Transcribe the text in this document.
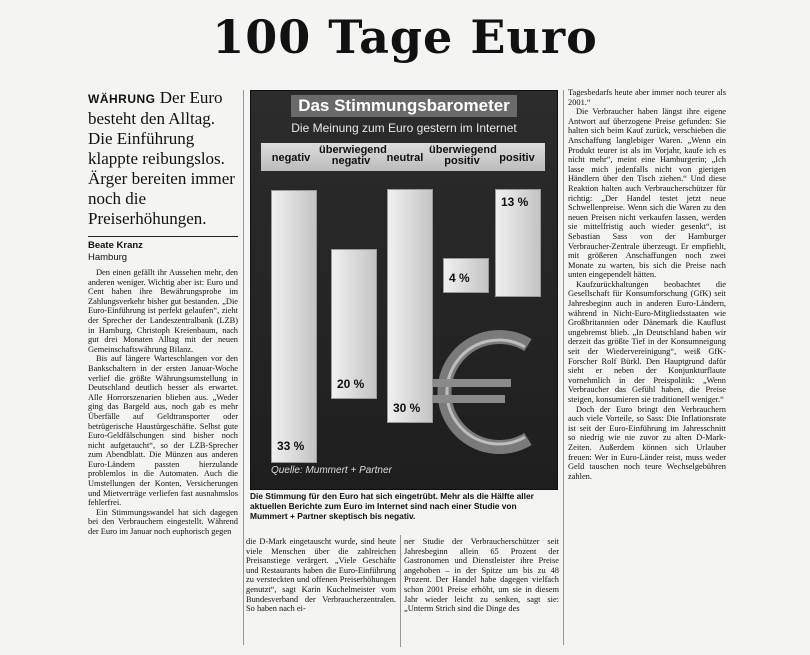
100 Tage Euro
WÄHRUNG Der Euro besteht den Alltag. Die Einführung klappte reibungslos. Ärger bereiten immer noch die Preiserhöhungen.
Beate Kranz
Hamburg

Den einen gefällt ihr Aussehen mehr, den anderen weniger. Wichtig aber ist: Euro und Cent haben ihre Bewährungsprobe im Zahlungsverkehr bisher gut bestanden. „Die Euro-Einführung ist perfekt gelaufen“, zieht der Sprecher der Landeszentralbank (LZB) in Hamburg, Christoph Kreienbaum, nach gut drei Monaten Alltag mit der neuen Gemeinschaftswährung Bilanz.

Bis auf längere Warteschlangen vor den Bankschaltern in der ersten Januar-Woche verlief die größte Währungsumstellung in Deutschland deutlich besser als erwartet. Alle Horrorszenarien blieben aus. „Weder ging das Bargeld aus, noch gab es mehr Überfälle auf Geldtransporter oder betrügerische Haustürgeschäfte. Selbst gute Euro-Geldfälschungen sind bisher noch nicht aufgetaucht“, so der LZB-Sprecher zum Abendblatt. Die Münzen aus anderen Euro-Ländern passten hierzulande problemlos in die Automaten. Auch die Umstellungen der Konten, Versicherungen und Mietverträge verliefen fast ausnahmslos fehlerfrei.

Ein Stimmungswandel hat sich dagegen bei den Verbrauchern eingestellt. Während der Euro im Januar noch euphorisch gegen

Das Stimmungsbarometer
Die Meinung zum Euro gestern im Internet
negativ
überwiegend negativ	neutral
überwiegend positiv	positiv
33 %
20 %
30 %
4 %
13 %
Quelle: Mummert + Partner
Die Stimmung für den Euro hat sich eingetrübt. Mehr als die Hälfte aller aktuellen Berichte zum Euro im Internet sind nach einer Studie von Mummert + Partner skeptisch bis negativ.

die D-Mark eingetauscht wurde, sind heute viele Menschen über die zahlreichen Preisanstiege verärgert. „Viele Geschäfte und Restaurants haben die Euro-Einführung zu versteckten und offenen Preiserhöhungen genutzt“, sagt Karin Kuchelmeister vom Bundesverband der Verbraucherzentralen. So haben nach ei-

ner Studie der Verbraucherschützer seit Jahresbeginn allein 65 Prozent der Gastronomen und Dienstleister ihre Preise angehoben – in der Spitze um bis zu 48 Prozent. Der Handel habe dagegen vielfach schon 2001 Preise erhöht, um sie in diesem Jahr wieder leicht zu senken, sagt sie: „Unterm Strich sind die Dinge des

Tagesbedarfs heute aber immer noch teurer als 2001.“

Die Verbraucher haben längst ihre eigene Antwort auf überzogene Preise gefunden: Sie halten sich beim Kauf zurück, verschieben die Anschaffung langlebiger Waren. „Wenn ein Produkt teurer ist als im Vorjahr, kaufe ich es nicht mehr“, meint eine Hamburgerin; „Ich lasse mich jedenfalls nicht von gierigen Händlern über den Tisch ziehen.“ Und diese Reaktion halten auch Verbraucherschützer für richtig: „Der Handel testet jetzt neue Schwellenpreise. Wenn sich die Waren zu den neuen Preisen nicht verkaufen lassen, werden sie mittelfristig auch wieder gesenkt“, ist Sebastian Sass von der Hamburger Verbraucher-Zentrale überzeugt. Er empfiehlt, mit größeren Anschaffungen noch zwei Monate zu warten, bis sich die Preise nach unten eingependelt hätten.

Kaufzurückhaltungen beobachtet die Gesellschaft für Konsumforschung (GfK) seit Jahresbeginn auch in anderen Euro-Ländern, während in Nicht-Euro-Mitgliedsstaaten wie Großbritannien oder Dänemark die Kauflust ungebremst blieb. „In Deutschland haben wir derzeit das größte Tief in der Konsumneigung seit der Wiedervereinigung“, weiß GfK-Forscher Rolf Bürkl. Den Hauptgrund dafür sieht er neben der Konjunkturflaute vornehmlich in der Preispolitik: „Wenn Verbraucher das Gefühl haben, die Preise steigen, konsumieren sie traditionell weniger.“

Doch der Euro bringt den Verbrauchern auch viele Vorteile, so Sass: Die Inflationsrate ist seit der Euro-Einführung im Jahresschnitt so niedrig wie nie zuvor zu alten D-Mark-Zeiten. Außerdem können sich Urlauber freuen: Wer in Euro-Länder reist, muss weder Geld tauschen noch teure Wechselgebühren zahlen.
